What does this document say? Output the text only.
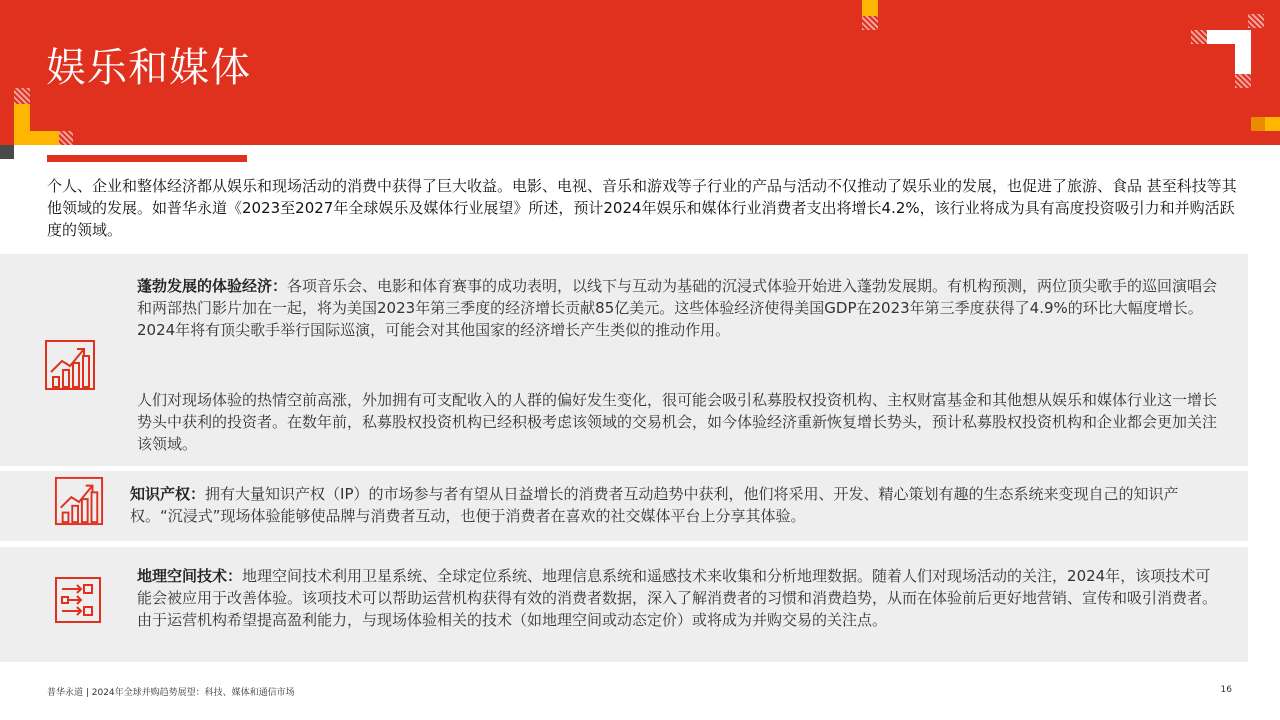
娱乐和媒体

个人、企业和整体经济都从娱乐和现场活动的消费中获得了巨大收益。电影、电视、音乐和游戏等子行业的产品与活动不仅推动了娱乐业的发展，也促进了旅游、食品 甚至科技等其他领域的发展。如普华永道《2023至2027年全球娱乐及媒体行业展望》所述，预计2024年娱乐和媒体行业消费者支出将增长4.2%，该行业将成为具有高度投资吸引力和并购活跃度的领域。

蓬勃发展的体验经济：各项音乐会、电影和体育赛事的成功表明，以线下与互动为基础的沉浸式体验开始进入蓬勃发展期。有机构预测，两位顶尖歌手的巡回演唱会和两部热门影片加在一起，将为美国2023年第三季度的经济增长贡献85亿美元。这些体验经济使得美国GDP在2023年第三季度获得了4.9%的环比大幅度增长。2024年将有顶尖歌手举行国际巡演，可能会对其他国家的经济增长产生类似的推动作用。

人们对现场体验的热情空前高涨，外加拥有可支配收入的人群的偏好发生变化，很可能会吸引私募股权投资机构、主权财富基金和其他想从娱乐和媒体行业这一增长势头中获利的投资者。在数年前，私募股权投资机构已经积极考虑该领域的交易机会，如今体验经济重新恢复增长势头，预计私募股权投资机构和企业都会更加关注该领域。

知识产权：拥有大量知识产权（IP）的市场参与者有望从日益增长的消费者互动趋势中获利，他们将采用、开发、精心策划有趣的生态系统来变现自己的知识产权。“沉浸式”现场体验能够使品牌与消费者互动，也便于消费者在喜欢的社交媒体平台上分享其体验。

地理空间技术：地理空间技术利用卫星系统、全球定位系统、地理信息系统和遥感技术来收集和分析地理数据。随着人们对现场活动的关注，2024年，该项技术可能会被应用于改善体验。该项技术可以帮助运营机构获得有效的消费者数据，深入了解消费者的习惯和消费趋势，从而在体验前后更好地营销、宣传和吸引消费者。由于运营机构希望提高盈利能力，与现场体验相关的技术（如地理空间或动态定价）或将成为并购交易的关注点。

普华永道 | 2024年全球并购趋势展望：科技、媒体和通信市场	16
